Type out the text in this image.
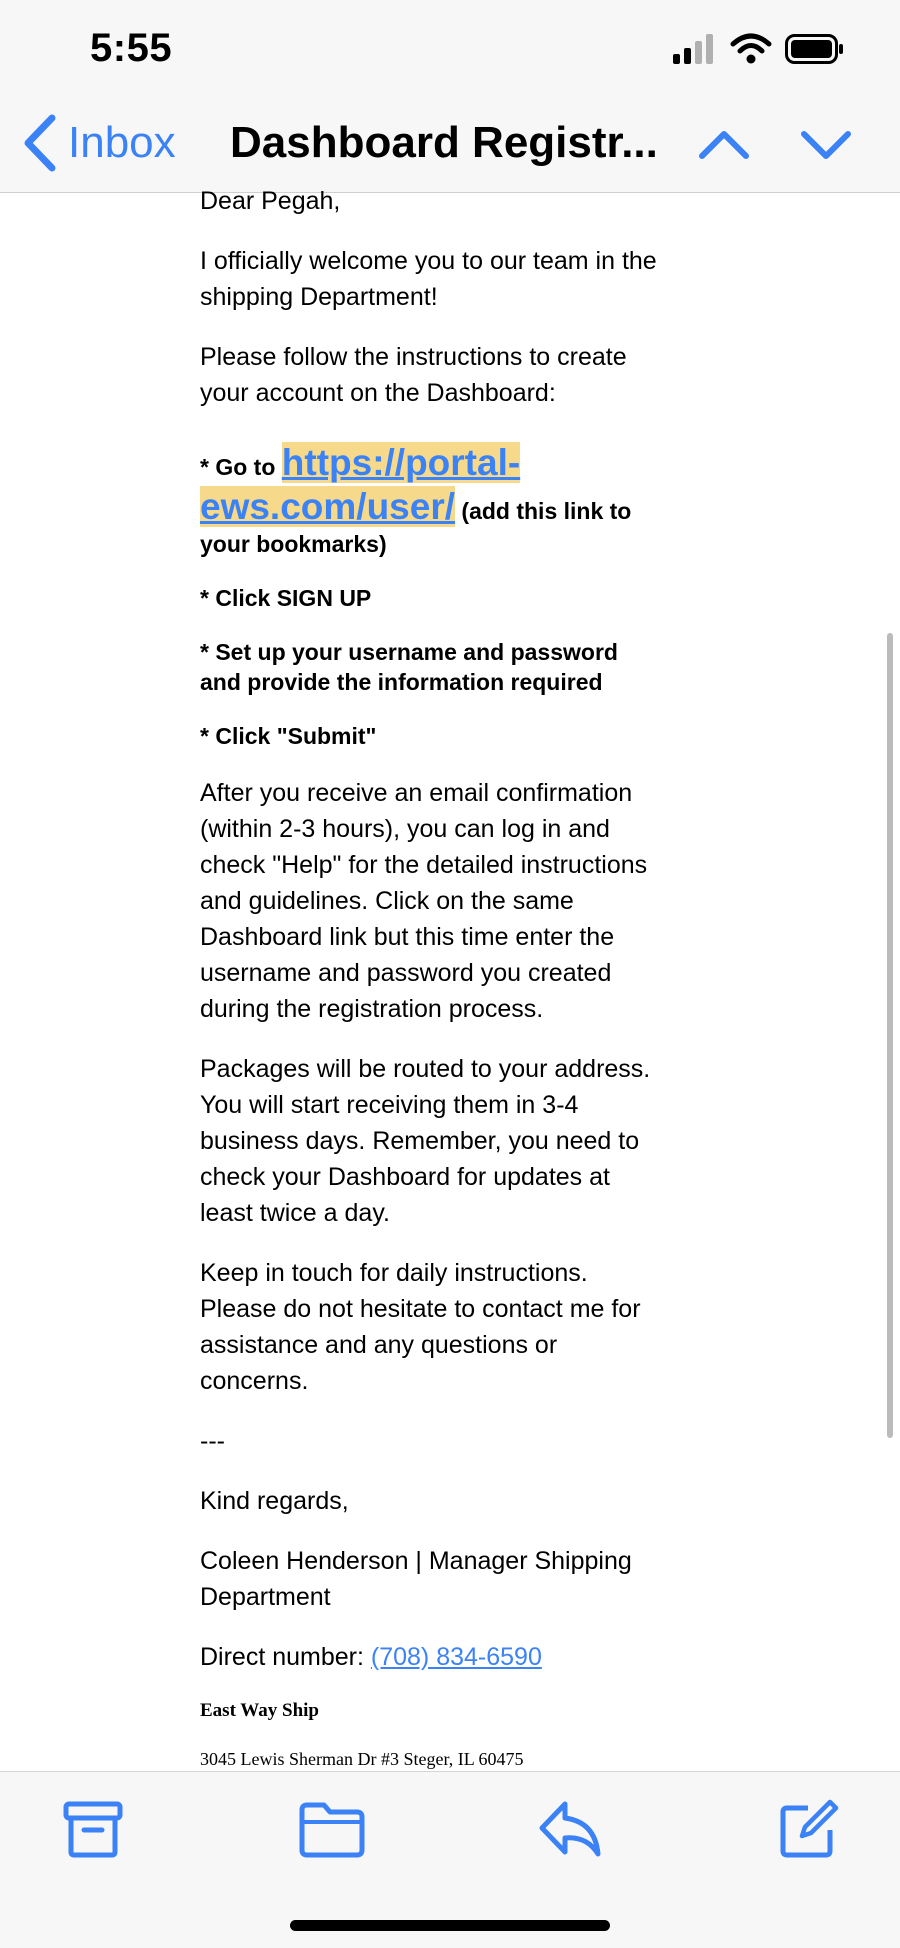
5:55
Inbox Dashboard Registr...

Dear Pegah,

I officially welcome you to our team in the shipping Department!

Please follow the instructions to create your account on the Dashboard:

* Go to https://portal-ews.com/user/ (add this link to your bookmarks)

* Click SIGN UP

* Set up your username and password and provide the information required

* Click "Submit"

After you receive an email confirmation (within 2-3 hours), you can log in and check "Help" for the detailed instructions and guidelines. Click on the same Dashboard link but this time enter the username and password you created during the registration process.

Packages will be routed to your address. You will start receiving them in 3-4 business days. Remember, you need to check your Dashboard for updates at least twice a day.

Keep in touch for daily instructions. Please do not hesitate to contact me for assistance and any questions or concerns.

---

Kind regards,

Coleen Henderson | Manager Shipping Department

Direct number: (708) 834-6590

East Way Ship

3045 Lewis Sherman Dr #3 Steger, IL 60475
